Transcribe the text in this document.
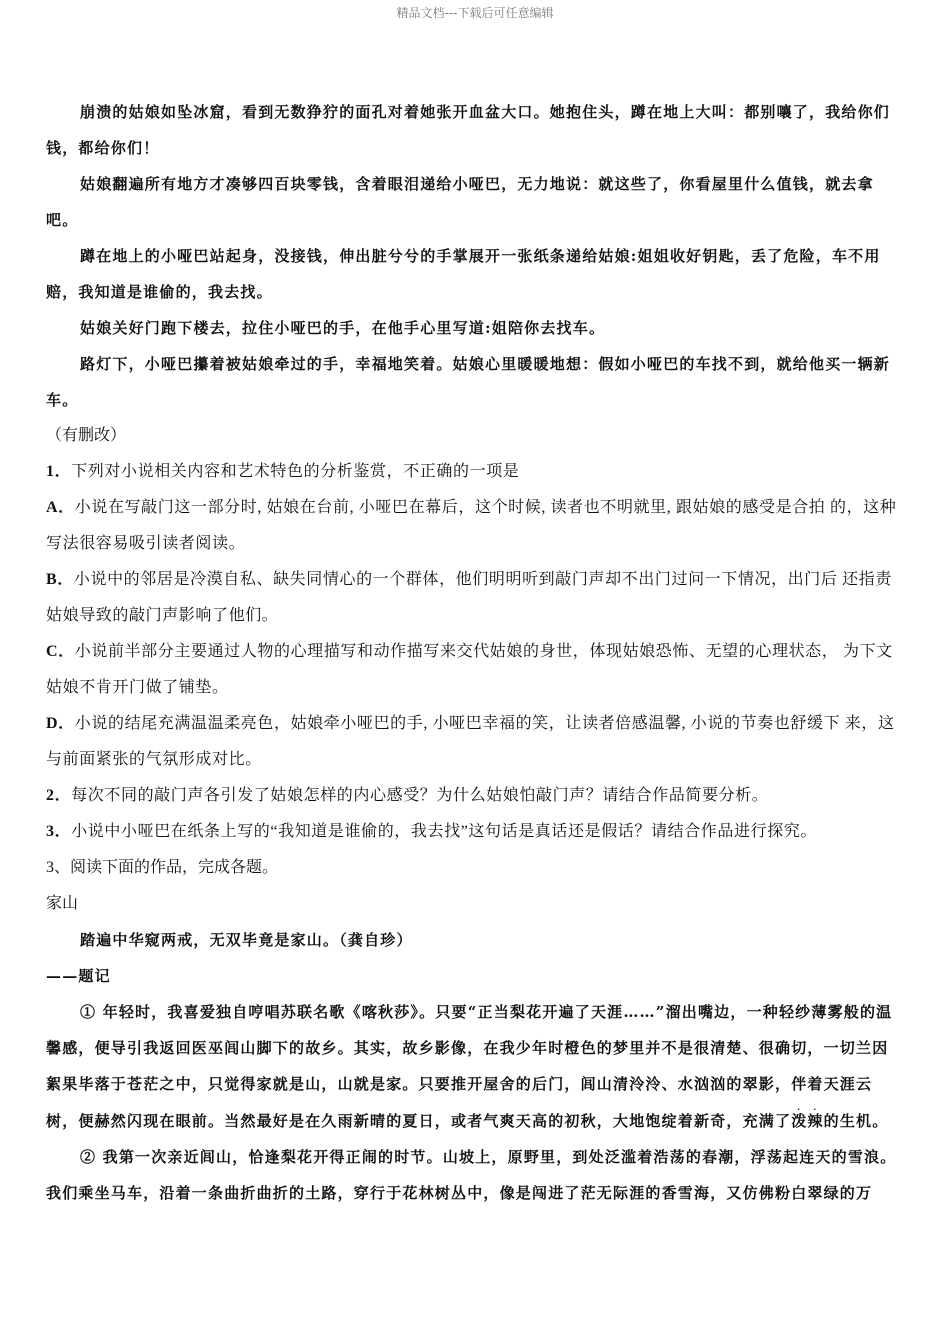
精品文档---下载后可任意编辑

崩溃的姑娘如坠冰窟，看到无数狰狞的面孔对着她张开血盆大口。她抱住头，蹲在地上大叫：都别嚷了，我给你们钱，都给你们！

姑娘翻遍所有地方才凑够四百块零钱，含着眼泪递给小哑巴，无力地说：就这些了，你看屋里什么值钱，就去拿吧。

蹲在地上的小哑巴站起身，没接钱，伸出脏兮兮的手掌展开一张纸条递给姑娘:姐姐收好钥匙，丢了危险，车不用赔，我知道是谁偷的，我去找。

姑娘关好门跑下楼去，拉住小哑巴的手，在他手心里写道:姐陪你去找车。

路灯下，小哑巴攥着被姑娘牵过的手，幸福地笑着。姑娘心里暖暖地想：假如小哑巴的车找不到，就给他买一辆新车。

（有删改）

1．下列对小说相关内容和艺术特色的分析鉴赏，不正确的一项是

A．小说在写敲门这一部分时, 姑娘在台前, 小哑巴在幕后，这个时候, 读者也不明就里, 跟姑娘的感受是合拍 的，这种写法很容易吸引读者阅读。

B．小说中的邻居是冷漠自私、缺失同情心的一个群体，他们明明听到敲门声却不出门过问一下情况，出门后 还指责姑娘导致的敲门声影响了他们。

C．小说前半部分主要通过人物的心理描写和动作描写来交代姑娘的身世，体现姑娘恐怖、无望的心理状态， 为下文姑娘不肯开门做了铺垫。

D．小说的结尾充满温温柔亮色，姑娘牵小哑巴的手, 小哑巴幸福的笑，让读者倍感温馨, 小说的节奏也舒缓下 来，这与前面紧张的气氛形成对比。

2．每次不同的敲门声各引发了姑娘怎样的内心感受？为什么姑娘怕敲门声？请结合作品简要分析。

3．小说中小哑巴在纸条上写的“我知道是谁偷的，我去找”这句话是真话还是假话？请结合作品进行探究。

3、阅读下面的作品，完成各题。

家山

踏遍中华窥两戒，无双毕竟是家山。（龚自珍）

——题记

① 年轻时，我喜爱独自哼唱苏联名歌《喀秋莎》。只要“正当梨花开遍了天涯……”溜出嘴边，一种轻纱薄雾般的温馨感，便导引我返回医巫闾山脚下的故乡。其实，故乡影像，在我少年时橙色的梦里并不是很清楚、很确切，一切兰因絮果毕落于苍茫之中，只觉得家就是山，山就是家。只要推开屋舍的后门，闾山清泠泠、水汹汹的翠影，伴着天涯云树，便赫然闪现在眼前。当然最好是在久雨新晴的夏日，或者气爽天高的初秋，大地饱绽着新奇，充满了泼辣的生机。

② 我第一次亲近闾山，恰逢梨花开得正闹的时节。山坡上，原野里，到处泛滥着浩荡的春潮，浮荡起连天的雪浪。我们乘坐马车，沿着一条曲折曲折的土路，穿行于花林树丛中，像是闯进了茫无际涯的香雪海，又仿佛粉白翠绿的万
